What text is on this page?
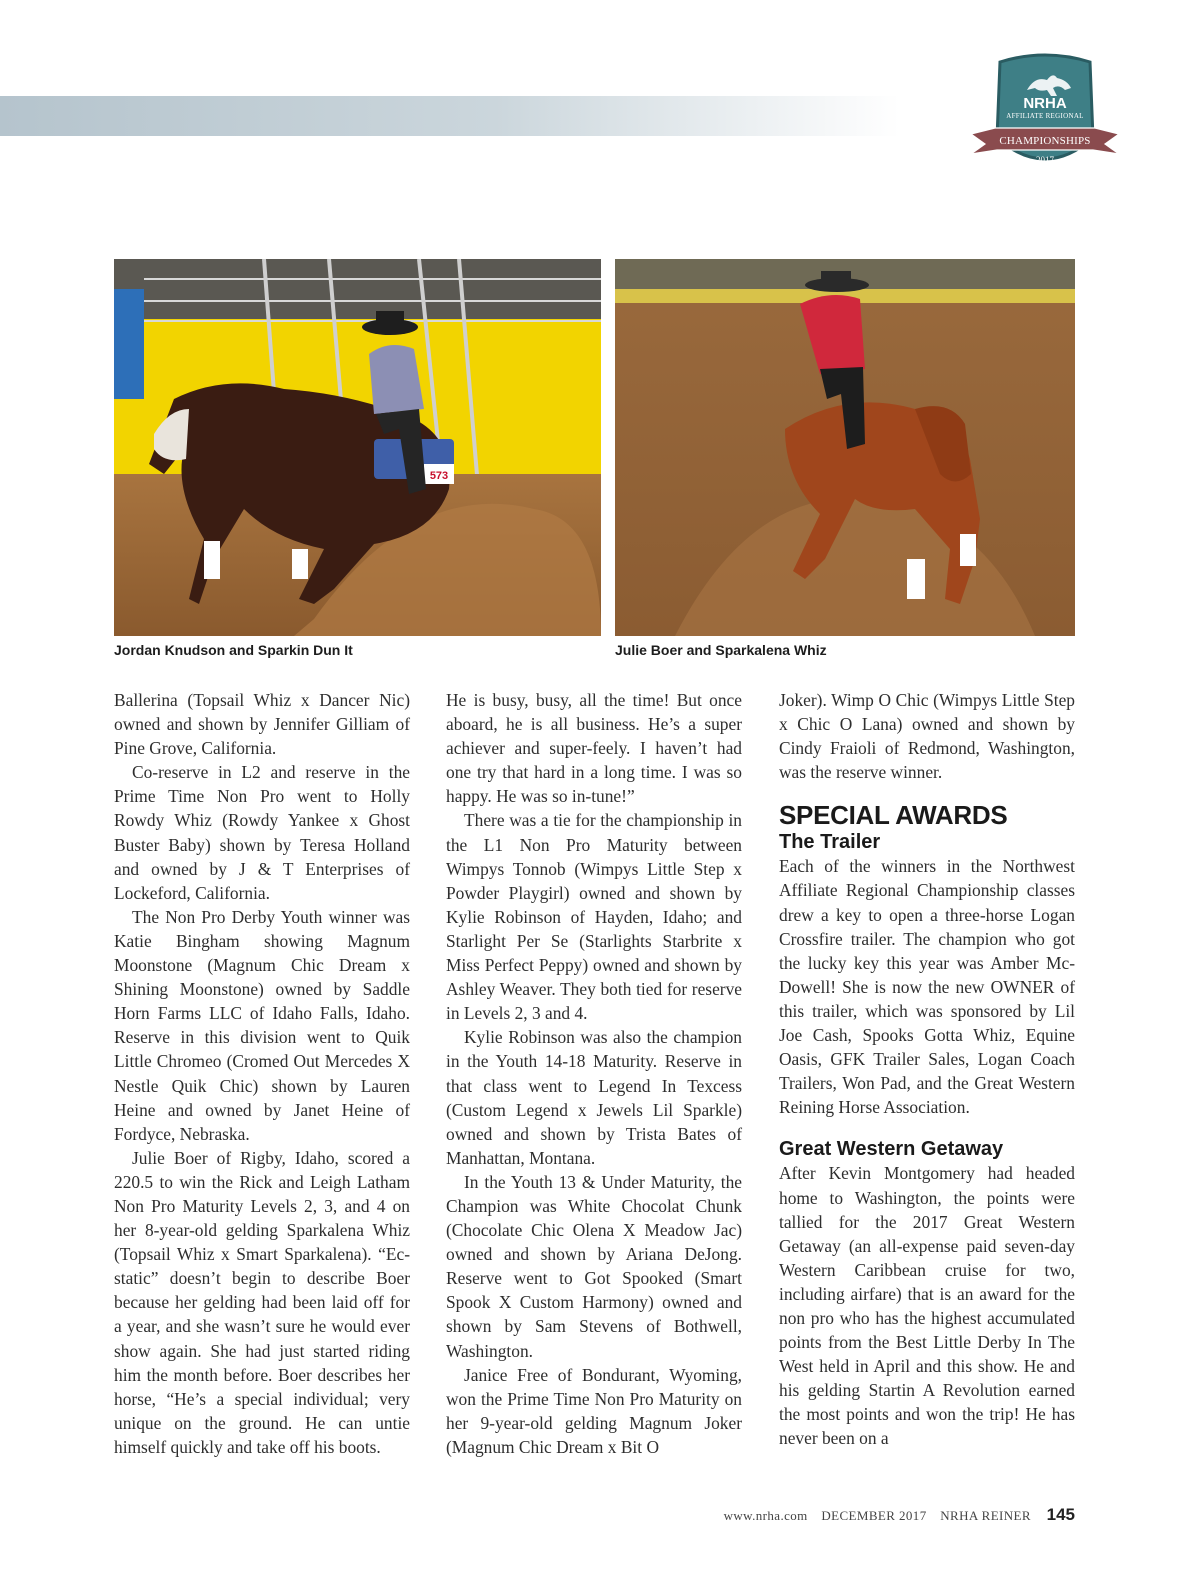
NRHA
AFFILIATE REGIONAL
CHAMPIONSHIPS
2017
573
Jordan Knudson and Sparkin Dun It	Julie Boer and Sparkalena Whiz

Ballerina (Topsail Whiz x Dancer Nic) owned and shown by Jennifer Gilliam of Pine Grove, California.

Co-reserve in L2 and reserve in the Prime Time Non Pro went to Holly Rowdy Whiz (Rowdy Yankee x Ghost Buster Baby) shown by Teresa Holland and owned by J & T Enterprises of Lockeford, California.

The Non Pro Derby Youth winner was Katie Bingham showing Magnum Moonstone (Magnum Chic Dream x Shining Moonstone) owned by Saddle Horn Farms LLC of Idaho Falls, Idaho. Reserve in this division went to Quik Little Chromeo (Cromed Out Mercedes X Nestle Quik Chic) shown by Lauren Heine and owned by Janet Heine of Fordyce, Nebraska.

Julie Boer of Rigby, Idaho, scored a 220.5 to win the Rick and Leigh Latham Non Pro Maturity Levels 2, 3, and 4 on her 8-year-old gelding Sparkalena Whiz (Topsail Whiz x Smart Sparkalena). “Ec-static” doesn’t begin to describe Boer because her gelding had been laid off for a year, and she wasn’t sure he would ever show again. She had just started riding him the month before. Boer describes her horse, “He’s a special individual; very unique on the ground. He can untie himself quickly and take off his boots.

He is busy, busy, all the time! But once aboard, he is all business. He’s a super achiever and super-feely. I haven’t had one try that hard in a long time. I was so happy. He was so in-tune!”

There was a tie for the championship in the L1 Non Pro Maturity between Wimpys Tonnob (Wimpys Little Step x Powder Playgirl) owned and shown by Kylie Robinson of Hayden, Idaho; and Starlight Per Se (Starlights Starbrite x Miss Perfect Peppy) owned and shown by Ashley Weaver. They both tied for reserve in Levels 2, 3 and 4.

Kylie Robinson was also the champion in the Youth 14-18 Maturity. Reserve in that class went to Legend In Texcess (Custom Legend x Jewels Lil Sparkle) owned and shown by Trista Bates of Manhattan, Montana.

In the Youth 13 & Under Maturity, the Champion was White Chocolat Chunk (Chocolate Chic Olena X Meadow Jac) owned and shown by Ariana DeJong. Reserve went to Got Spooked (Smart Spook X Custom Harmony) owned and shown by Sam Stevens of Bothwell, Washington.

Janice Free of Bondurant, Wyoming, won the Prime Time Non Pro Maturity on her 9-year-old gelding Magnum Joker (Magnum Chic Dream x Bit O

Joker). Wimp O Chic (Wimpys Little Step x Chic O Lana) owned and shown by Cindy Fraioli of Redmond, Washington, was the reserve winner.

SPECIAL AWARDS
The Trailer

Each of the winners in the Northwest Affiliate Regional Championship classes drew a key to open a three-horse Logan Crossfire trailer. The champion who got the lucky key this year was Amber Mc-Dowell! She is now the new OWNER of this trailer, which was sponsored by Lil Joe Cash, Spooks Gotta Whiz, Equine Oasis, GFK Trailer Sales, Logan Coach Trailers, Won Pad, and the Great Western Reining Horse Association.

Great Western Getaway

After Kevin Montgomery had headed home to Washington, the points were tallied for the 2017 Great Western Getaway (an all-expense paid seven-day Western Caribbean cruise for two, including airfare) that is an award for the non pro who has the highest accumulated points from the Best Little Derby In The West held in April and this show. He and his gelding Startin A Revolution earned the most points and won the trip! He has never been on a

www.nrha.com DECEMBER 2017 NRHA REINER 145
